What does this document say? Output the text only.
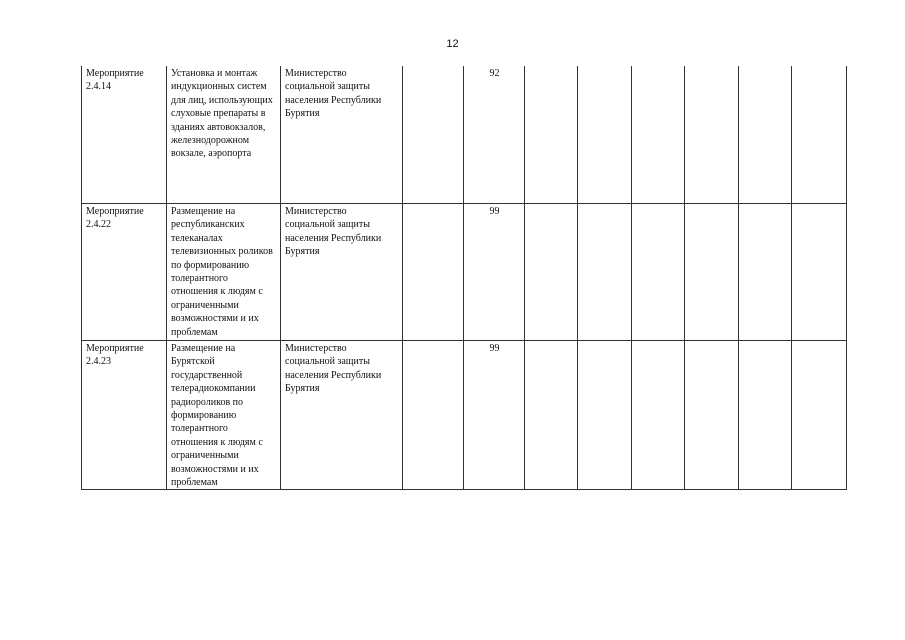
12
Мероприятие 2.4.14	Установка и монтаж индукционных систем для лиц, использующих слуховые препараты в зданиях автовокзалов, железнодорожном вокзале, аэропорта	Министерство социальной защиты населения Республики Бурятия		92						
Мероприятие 2.4.22	Размещение на республиканских телеканалах телевизионных роликов по формированию толерантного отношения к людям с ограниченными возможностями и их проблемам	Министерство социальной защиты населения Республики Бурятия		99						
Мероприятие 2.4.23	Размещение на Бурятской государственной телерадиокомпании радиороликов по формированию толерантного отношения к людям с ограниченными возможностями и их проблемам	Министерство социальной защиты населения Республики Бурятия		99						
